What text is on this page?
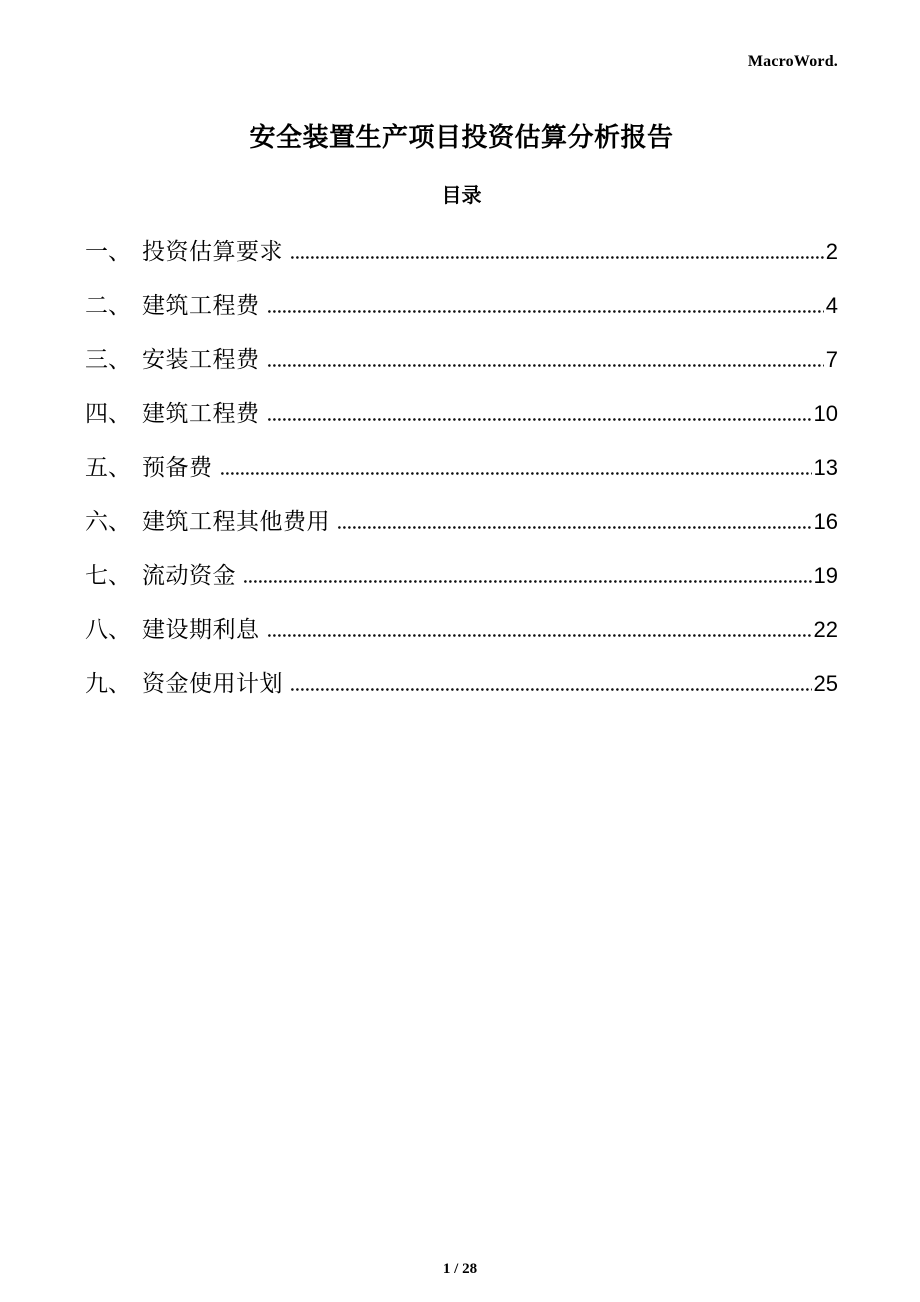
MacroWord.
安全装置生产项目投资估算分析报告
目录
一、 投资估算要求	2
二、 建筑工程费	4
三、 安装工程费	7
四、 建筑工程费	10
五、 预备费	13
六、 建筑工程其他费用	16
七、 流动资金	19
八、 建设期利息	22
九、 资金使用计划	25
1 / 28
